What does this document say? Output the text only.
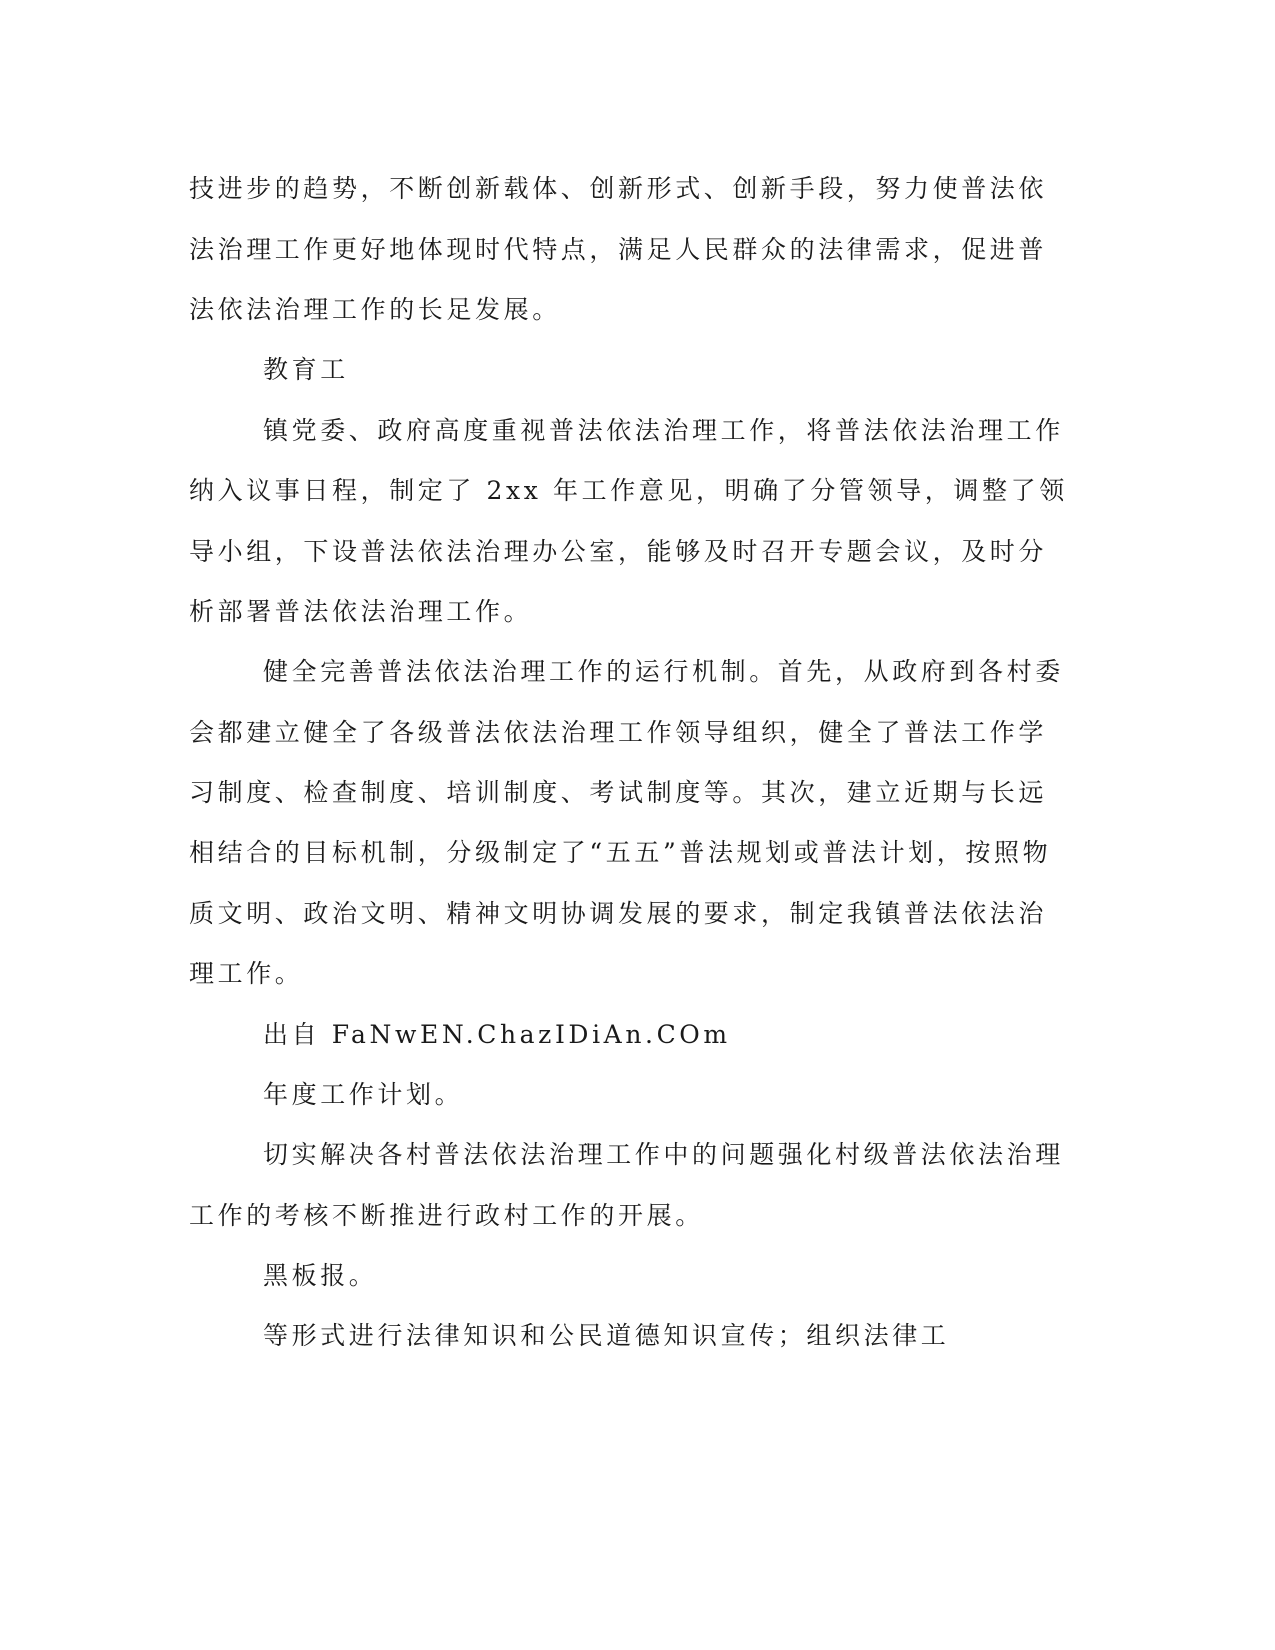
技进步的趋势，不断创新载体、创新形式、创新手段，努力使普法依
法治理工作更好地体现时代特点，满足人民群众的法律需求，促进普
法依法治理工作的长足发展。
教育工
镇党委、政府高度重视普法依法治理工作，将普法依法治理工作
纳入议事日程，制定了 2xx 年工作意见，明确了分管领导，调整了领
导小组，下设普法依法治理办公室，能够及时召开专题会议，及时分
析部署普法依法治理工作。
健全完善普法依法治理工作的运行机制。首先，从政府到各村委
会都建立健全了各级普法依法治理工作领导组织，健全了普法工作学
习制度、检查制度、培训制度、考试制度等。其次，建立近期与长远
相结合的目标机制，分级制定了“五五”普法规划或普法计划，按照物
质文明、政治文明、精神文明协调发展的要求，制定我镇普法依法治
理工作。
出自 FaNwEN.ChazIDiAn.COm
年度工作计划。
切实解决各村普法依法治理工作中的问题强化村级普法依法治理
工作的考核不断推进行政村工作的开展。
黑板报。
等形式进行法律知识和公民道德知识宣传；组织法律工
